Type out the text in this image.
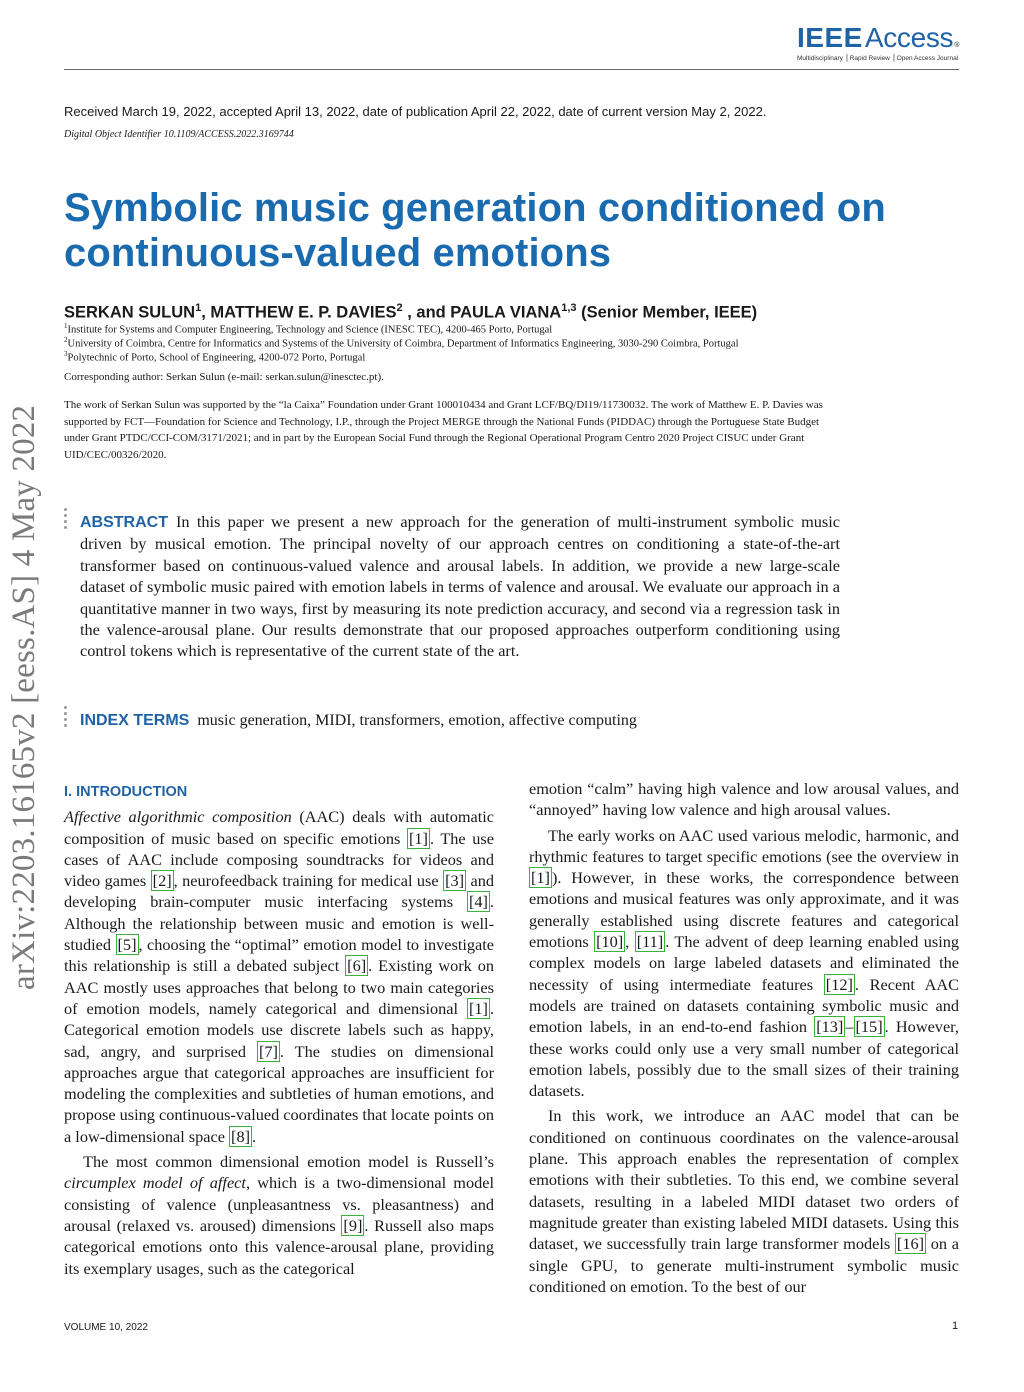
IEEE Access ®
Multidisciplinary ⎟ Rapid Review ⎟ Open Access Journal
Received March 19, 2022, accepted April 13, 2022, date of publication April 22, 2022, date of current version May 2, 2022.
Digital Object Identifier 10.1109/ACCESS.2022.3169744
arXiv:2203.16165v2 [eess.AS] 4 May 2022
Symbolic music generation conditioned on continuous-valued emotions
SERKAN SULUN$^1$, MATTHEW E. P. DAVIES$^2$ , and PAULA VIANA$^{1,3}$ (Senior Member, IEEE)
$^1$Institute for Systems and Computer Engineering, Technology and Science (INESC TEC), 4200-465 Porto, Portugal
$^2$University of Coimbra, Centre for Informatics and Systems of the University of Coimbra, Department of Informatics Engineering, 3030-290 Coimbra, Portugal
$^3$Polytechnic of Porto, School of Engineering, 4200-072 Porto, Portugal
Corresponding author: Serkan Sulun (e-mail: serkan.sulun@inesctec.pt).
The work of Serkan Sulun was supported by the “la Caixa” Foundation under Grant 100010434 and Grant LCF/BQ/DI19/11730032. The work of Matthew E. P. Davies was supported by FCT—Foundation for Science and Technology, I.P., through the Project MERGE through the National Funds (PIDDAC) through the Portuguese State Budget under Grant PTDC/CCI-COM/3171/2021; and in part by the European Social Fund through the Regional Operational Program Centro 2020 Project CISUC under Grant UID/CEC/00326/2020.
ABSTRACT In this paper we present a new approach for the generation of multi-instrument symbolic music driven by musical emotion. The principal novelty of our approach centres on conditioning a state-of-the-art transformer based on continuous-valued valence and arousal labels. In addition, we provide a new large-scale dataset of symbolic music paired with emotion labels in terms of valence and arousal. We evaluate our approach in a quantitative manner in two ways, first by measuring its note prediction accuracy, and second via a regression task in the valence-arousal plane. Our results demonstrate that our proposed approaches outperform conditioning using control tokens which is representative of the current state of the art.
INDEX TERMS music generation, MIDI, transformers, emotion, affective computing
I. INTRODUCTION

Affective algorithmic composition (AAC) deals with automatic composition of music based on specific emotions [1] . The use cases of AAC include composing soundtracks for videos and video games [2] , neurofeedback training for medical use [3] and developing brain-computer music interfacing systems [4] . Although the relationship between music and emotion is well-studied [5] , choosing the “optimal” emotion model to investigate this relationship is still a debated subject [6] . Existing work on AAC mostly uses approaches that belong to two main categories of emotion models, namely categorical and dimensional [1] . Categorical emotion models use discrete labels such as happy, sad, angry, and surprised [7] . The studies on dimensional approaches argue that categorical approaches are insufficient for modeling the complexities and subtleties of human emotions, and propose using continuous-valued coordinates that locate points on a low-dimensional space [8] .

The most common dimensional emotion model is Russell’s circumplex model of affect, which is a two-dimensional model consisting of valence (unpleasantness vs. pleasantness) and arousal (relaxed vs. aroused) dimensions [9] . Russell also maps categorical emotions onto this valence-arousal plane, providing its exemplary usages, such as the categorical

emotion “calm” having high valence and low arousal values, and “annoyed” having low valence and high arousal values.

The early works on AAC used various melodic, harmonic, and rhythmic features to target specific emotions (see the overview in [1] ). However, in these works, the correspondence between emotions and musical features was only approximate, and it was generally established using discrete features and categorical emotions [10] , [11] . The advent of deep learning enabled using complex models on large labeled datasets and eliminated the necessity of using intermediate features [12] . Recent AAC models are trained on datasets containing symbolic music and emotion labels, in an end-to-end fashion [13] – [15] . However, these works could only use a very small number of categorical emotion labels, possibly due to the small sizes of their training datasets.

In this work, we introduce an AAC model that can be conditioned on continuous coordinates on the valence-arousal plane. This approach enables the representation of complex emotions with their subtleties. To this end, we combine several datasets, resulting in a labeled MIDI dataset two orders of magnitude greater than existing labeled MIDI datasets. Using this dataset, we successfully train large transformer models [16] on a single GPU, to generate multi-instrument symbolic music conditioned on emotion. To the best of our

VOLUME 10, 2022	1
